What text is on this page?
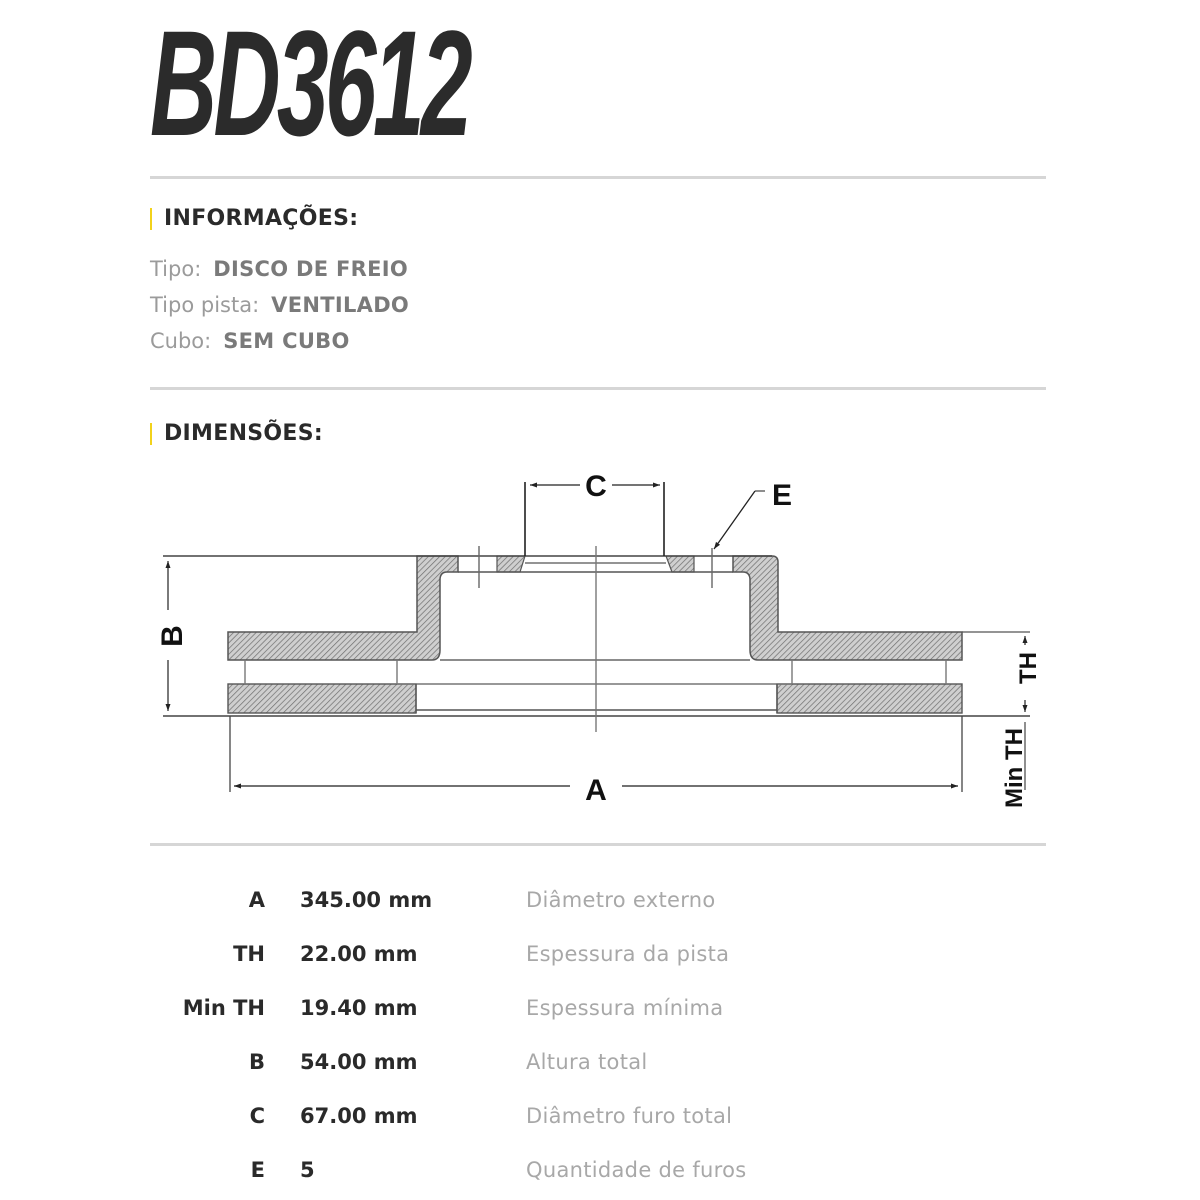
BD3612
INFORMAÇÕES:
Tipo: DISCO DE FREIO
Tipo pista: VENTILADO
Cubo: SEM CUBO
DIMENSÕES:
C	E
B
A
TH
Min TH
A 345.00 mm	Diâmetro externo
TH 22.00 mm	Espessura da pista
Min TH 19.40 mm	Espessura mínima
B 54.00 mm	Altura total
C 67.00 mm	Diâmetro furo total
E 5	Quantidade de furos
